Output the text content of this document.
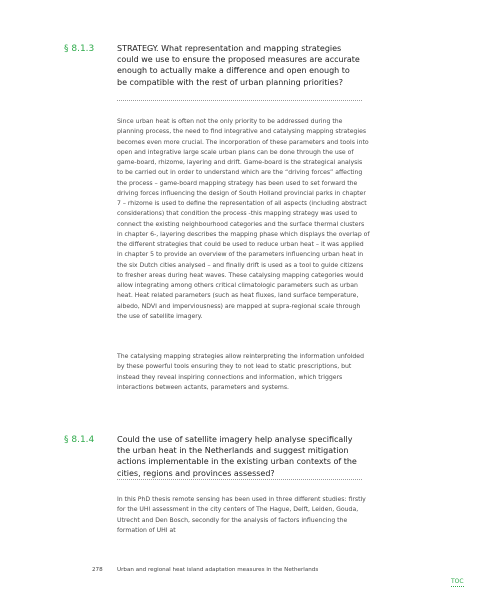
§ 8.1.3	STRATEGY. What representation and mapping strategies could we use to ensure the proposed measures are accurate enough to actually make a difference and open enough to be compatible with the rest of urban planning priorities?

Since urban heat is often not the only priority to be addressed during the planning process, the need to find integrative and catalysing mapping strategies becomes even more crucial. The incorporation of these parameters and tools into open and integrative large scale urban plans can be done through the use of game-board, rhizome, layering and drift. Game-board is the strategical analysis to be carried out in order to understand which are the “driving forces” affecting the process – game-board mapping strategy has been used to set forward the driving forces influencing the design of South Holland provincial parks in chapter 7 – rhizome is used to define the representation of all aspects (including abstract considerations) that condition the process -this mapping strategy was used to connect the existing neighbourhood categories and the surface thermal clusters in chapter 6-, layering describes the mapping phase which displays the overlap of the different strategies that could be used to reduce urban heat – it was applied in chapter 5 to provide an overview of the parameters influencing urban heat in the six Dutch cities analysed – and finally drift is used as a tool to guide citizens to fresher areas during heat waves. These catalysing mapping categories would allow integrating among others critical climatologic parameters such as urban heat. Heat related parameters (such as heat fluxes, land surface temperature, albedo, NDVI and imperviousness) are mapped at supra-regional scale through the use of satellite imagery.

The catalysing mapping strategies allow reinterpreting the information unfolded by these powerful tools ensuring they to not lead to static prescriptions, but instead they reveal inspiring connections and information, which triggers interactions between actants, parameters and systems.

§ 8.1.4	Could the use of satellite imagery help analyse specifically the urban heat in the Netherlands and suggest mitigation actions implementable in the existing urban contexts of the cities, regions and provinces assessed?

In this PhD thesis remote sensing has been used in three different studies: firstly for the UHI assessment in the city centers of The Hague, Delft, Leiden, Gouda, Utrecht and Den Bosch, secondly for the analysis of factors influencing the formation of UHI at

278	Urban and regional heat island adaptation measures in the Netherlands
TOC
